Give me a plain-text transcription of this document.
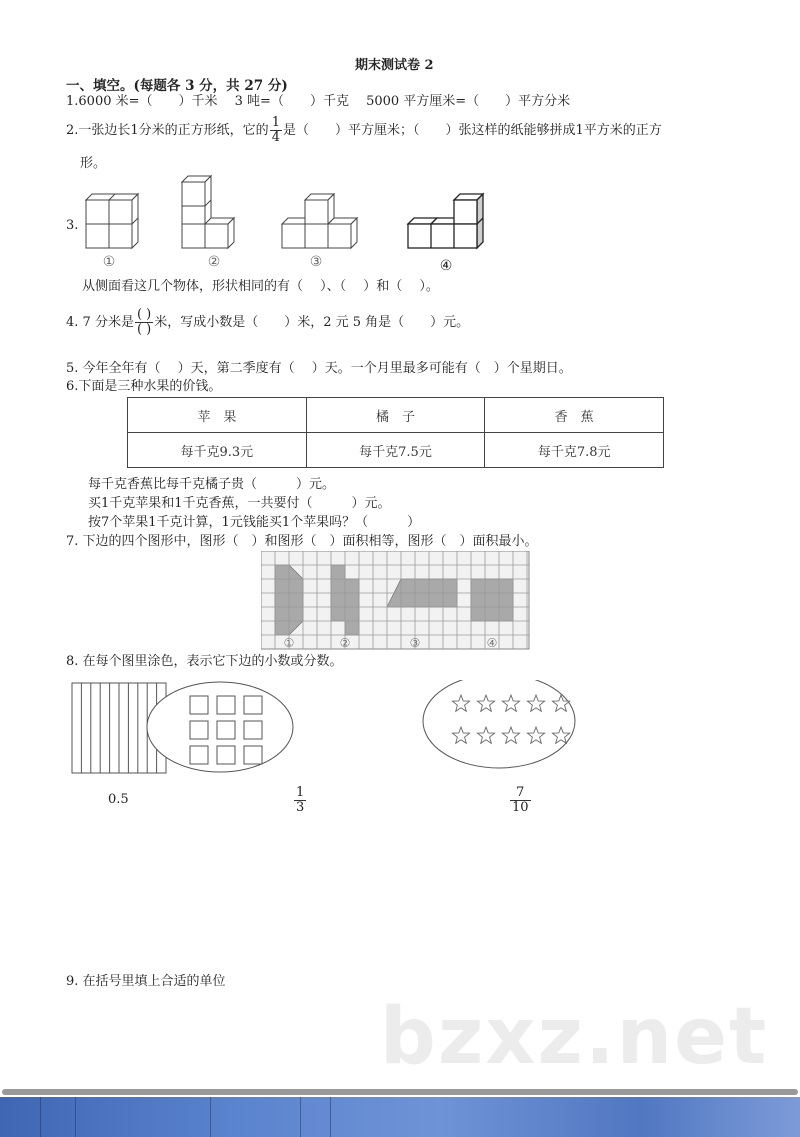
期末测试卷 2
一、填空。(每题各 3 分，共 27 分)
1.6000 米=（　　）千米　 3 吨=（　　）千克　 5000 平方厘米=（　　）平方分米
2.一张边长1分米的正方形纸，它的 $\frac{1}{4}$ 是（　　）平方厘米；（　　）张这样的纸能够拼成1平方米的正方
形。
3.
①	②	③	④
从侧面看这几个物体，形状相同的有（　 ）、（　 ）和（　 ）。
4. 7 分米是 $\frac{( )}{( )}$ 米，写成小数是（　　）米，2 元 5 角是（　　）元。
5. 今年全年有（　 ）天，第二季度有（　 ）天。一个月里最多可能有（　）个星期日。
6.下面是三种水果的价钱。
苹　果	橘　子	香　蕉
每千克9.3元	每千克7.5元	每千克7.8元
每千克香蕉比每千克橘子贵（　　　）元。
买1千克苹果和1千克香蕉，一共要付（　　　）元。
按7个苹果1千克计算，1元钱能买1个苹果吗？（　　　）
7. 下边的四个图形中，图形（　）和图形（　）面积相等，图形（　）面积最小。
①	②	③	④
8. 在每个图里涂色，表示它下边的小数或分数。
0.5	$\frac{1}{3}$	$\frac{7}{10}$
9. 在括号里填上合适的单位
bzxz.net
